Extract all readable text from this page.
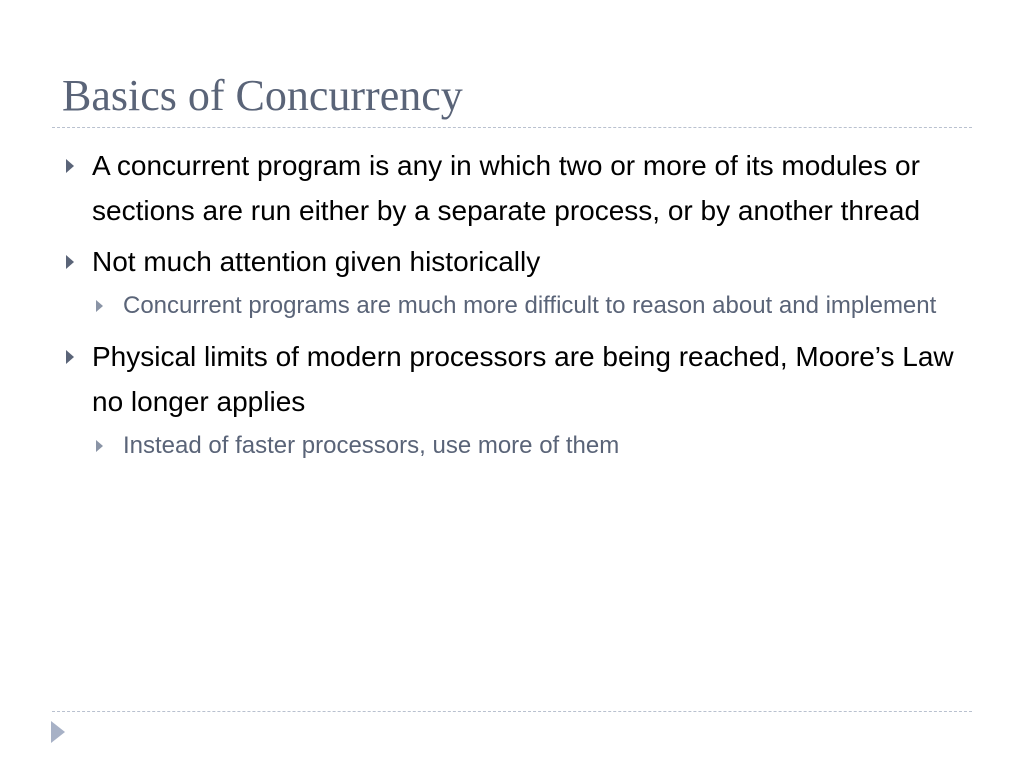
Basics of Concurrency

A concurrent program is any in which two or more of its modules or sections are run either by a separate process, or by another thread

Not much attention given historically

Concurrent programs are much more difficult to reason about and implement

Physical limits of modern processors are being reached, Moore’s Law no longer applies

Instead of faster processors, use more of them
